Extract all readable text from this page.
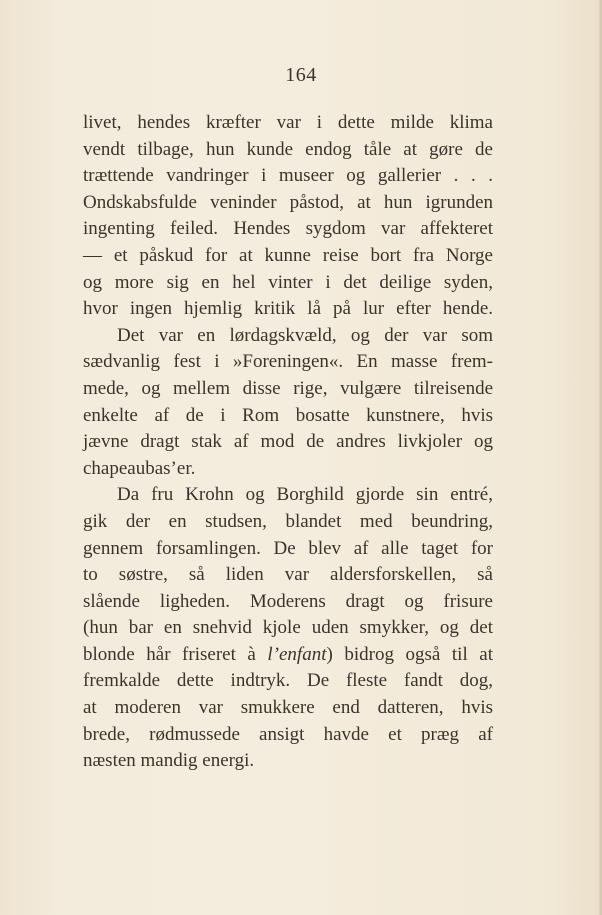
164
livet, hendes kræfter var i dette milde klima
vendt tilbage, hun kunde endog tåle at gøre de
trættende vandringer i museer og gallerier . . .
Ondskabsfulde veninder påstod, at hun igrunden
ingenting feiled. Hendes sygdom var affekteret
— et påskud for at kunne reise bort fra Norge
og more sig en hel vinter i det deilige syden,
hvor ingen hjemlig kritik lå på lur efter hende.
Det var en lørdagskvæld, og der var som
sædvanlig fest i »Foreningen«. En masse frem-
mede, og mellem disse rige, vulgære tilreisende
enkelte af de i Rom bosatte kunstnere, hvis
jævne dragt stak af mod de andres livkjoler og
chapeaubas’er.
Da fru Krohn og Borghild gjorde sin entré,
gik der en studsen, blandet med beundring,
gennem forsamlingen. De blev af alle taget for
to søstre, så liden var aldersforskellen, så
slående ligheden. Moderens dragt og frisure
(hun bar en snehvid kjole uden smykker, og det
blonde hår friseret à l’enfant) bidrog også til at
fremkalde dette indtryk. De fleste fandt dog,
at moderen var smukkere end datteren, hvis
brede, rødmussede ansigt havde et præg af
næsten mandig energi.
